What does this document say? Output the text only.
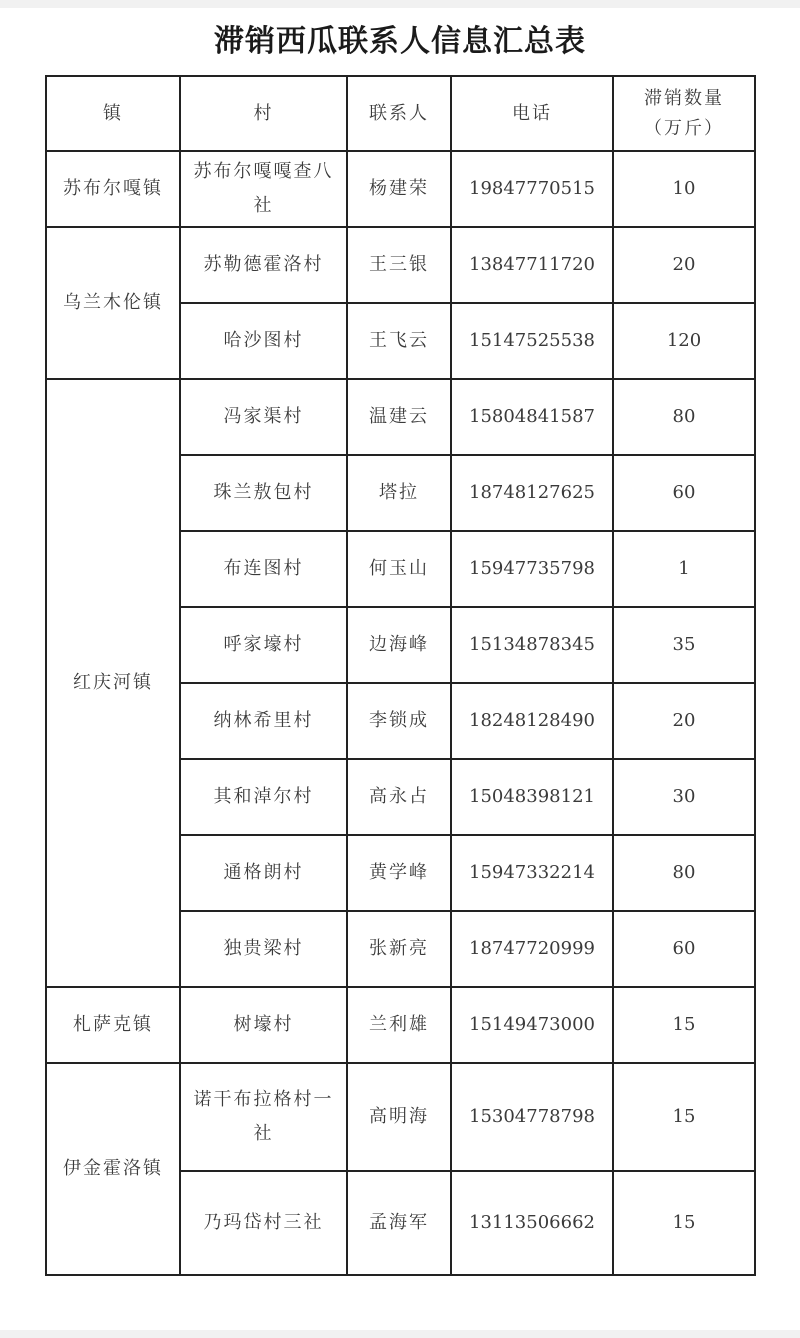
滞销西瓜联系人信息汇总表
镇	村	联系人	电话	滞销数量
（万斤）
苏布尔嘎镇	苏布尔嘎嘎查八社	杨建荣	19847770515	10
乌兰木伦镇	苏勒德霍洛村	王三银	13847711720	20
	哈沙图村	王飞云	15147525538	120
红庆河镇	冯家渠村	温建云	15804841587	80
	珠兰敖包村	塔拉	18748127625	60
	布连图村	何玉山	15947735798	1
	呼家壕村	边海峰	15134878345	35
	纳林希里村	李锁成	18248128490	20
	其和淖尔村	高永占	15048398121	30
	通格朗村	黄学峰	15947332214	80
	独贵梁村	张新亮	18747720999	60
札萨克镇	树壕村	兰利雄	15149473000	15
伊金霍洛镇	诺干布拉格村一社	高明海	15304778798	15
	乃玛岱村三社	孟海军	13113506662	15
